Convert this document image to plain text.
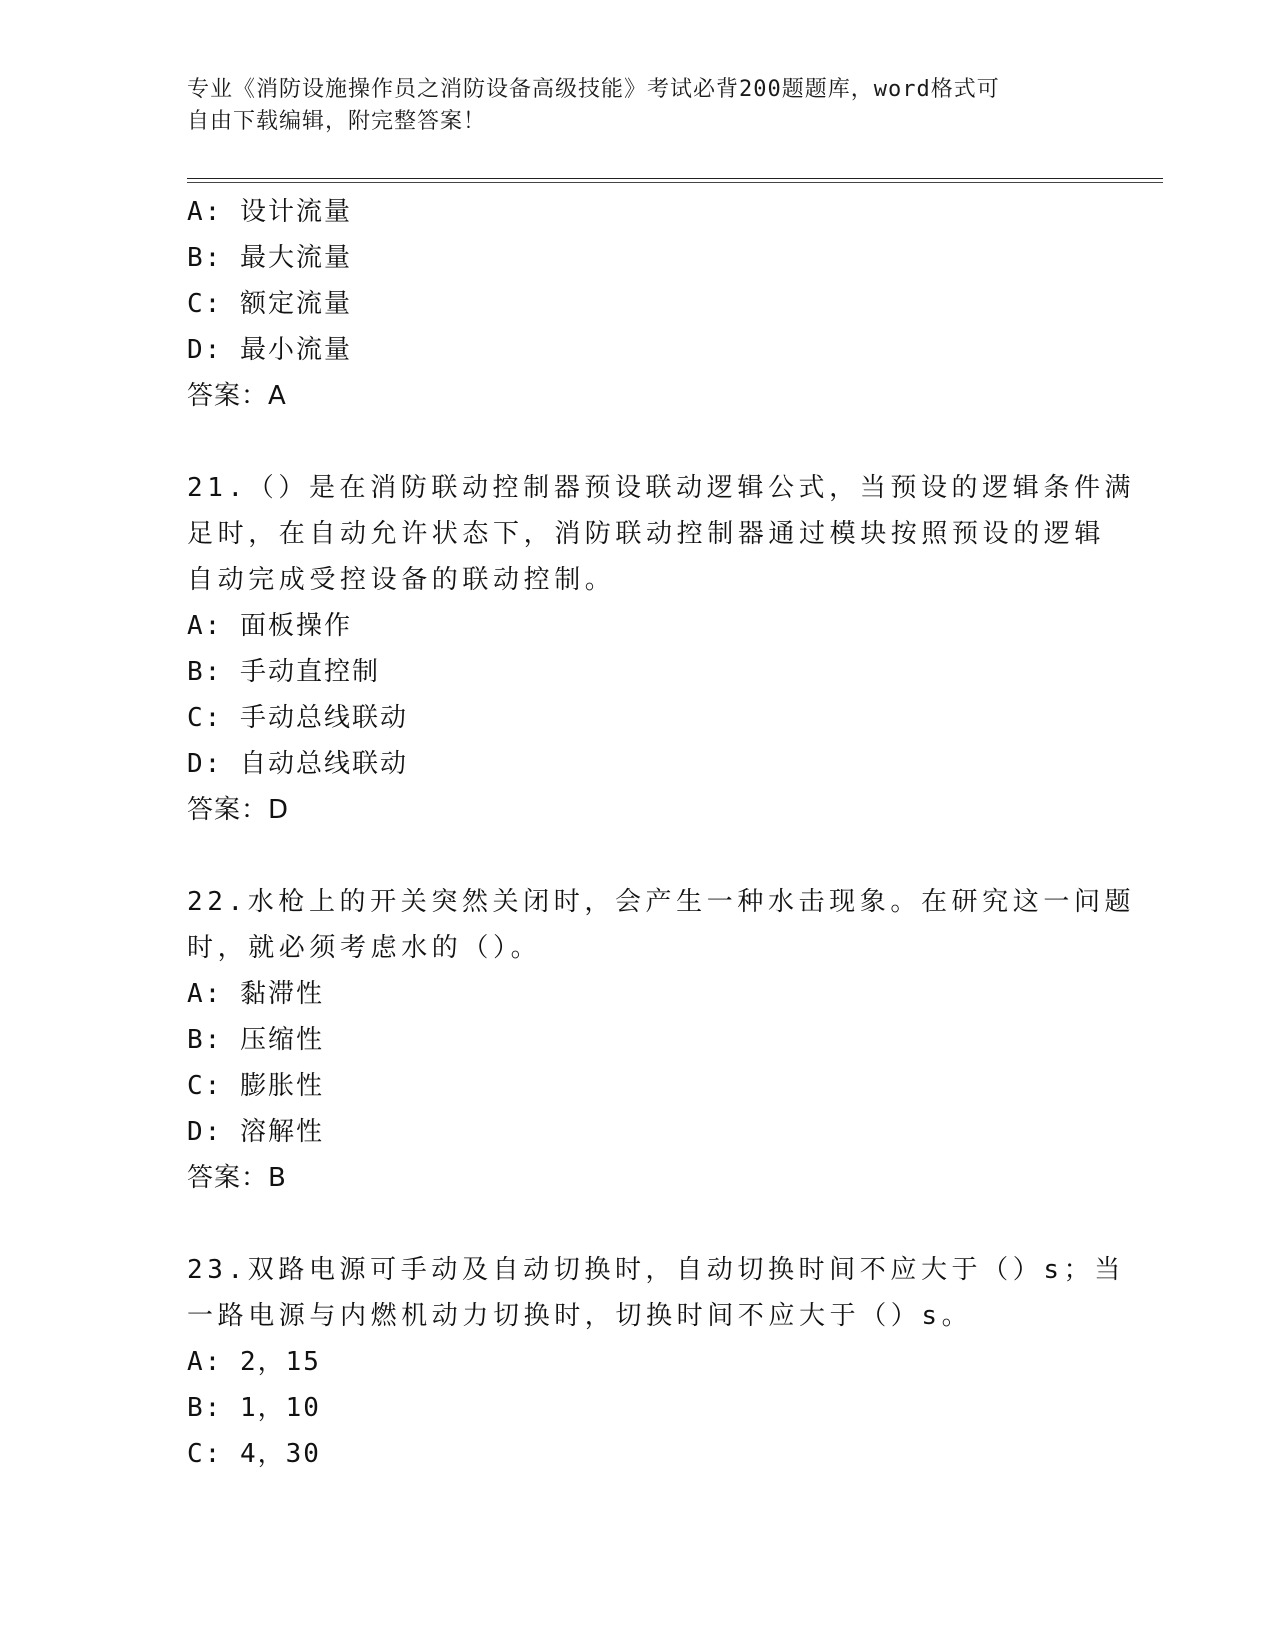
专业《消防设施操作员之消防设备高级技能》考试必背200题题库，word格式可
自由下载编辑，附完整答案！
A: 设计流量
B: 最大流量
C: 额定流量
D: 最小流量
答案：A
21.（）是在消防联动控制器预设联动逻辑公式，当预设的逻辑条件满
足时，在自动允许状态下，消防联动控制器通过模块按照预设的逻辑
自动完成受控设备的联动控制。
A: 面板操作
B: 手动直控制
C: 手动总线联动
D: 自动总线联动
答案：D
22.水枪上的开关突然关闭时，会产生一种水击现象。在研究这一问题
时，就必须考虑水的（）。
A: 黏滞性
B: 压缩性
C: 膨胀性
D: 溶解性
答案：B
23.双路电源可手动及自动切换时，自动切换时间不应大于（）s；当
一路电源与内燃机动力切换时，切换时间不应大于（）s。
A: 2，15
B: 1，10
C: 4，30
